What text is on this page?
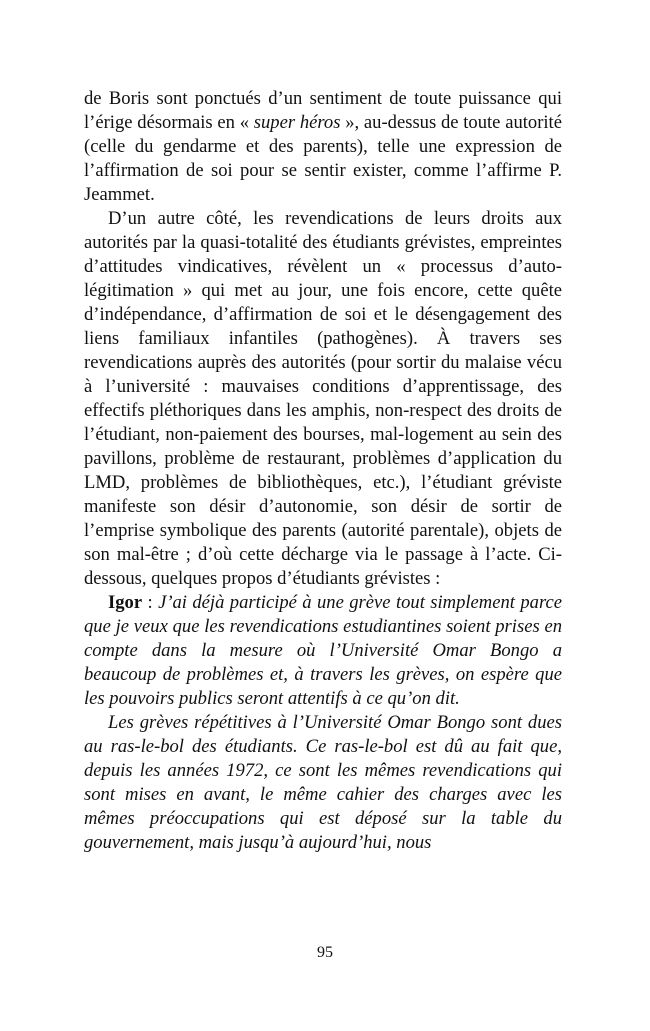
de Boris sont ponctués d’un sentiment de toute puissance qui l’érige désormais en « super héros », au-dessus de toute autorité (celle du gendarme et des parents), telle une expression de l’affirmation de soi pour se sentir exister, comme l’affirme P. Jeammet.

D’un autre côté, les revendications de leurs droits aux autorités par la quasi-totalité des étudiants grévistes, empreintes d’attitudes vindicatives, révèlent un « processus d’auto-légitimation » qui met au jour, une fois encore, cette quête d’indépendance, d’affirmation de soi et le désengagement des liens familiaux infantiles (pathogènes). À travers ses revendications auprès des autorités (pour sortir du malaise vécu à l’université : mauvaises conditions d’apprentissage, des effectifs pléthoriques dans les amphis, non-respect des droits de l’étudiant, non-paiement des bourses, mal-logement au sein des pavillons, problème de restaurant, problèmes d’application du LMD, problèmes de bibliothèques, etc.), l’étudiant gréviste manifeste son désir d’autonomie, son désir de sortir de l’emprise symbolique des parents (autorité parentale), objets de son mal-être ; d’où cette décharge via le passage à l’acte. Ci-dessous, quelques propos d’étudiants grévistes :

Igor : J’ai déjà participé à une grève tout simplement parce que je veux que les revendications estudiantines soient prises en compte dans la mesure où l’Université Omar Bongo a beaucoup de problèmes et, à travers les grèves, on espère que les pouvoirs publics seront attentifs à ce qu’on dit.

Les grèves répétitives à l’Université Omar Bongo sont dues au ras-le-bol des étudiants. Ce ras-le-bol est dû au fait que, depuis les années 1972, ce sont les mêmes revendications qui sont mises en avant, le même cahier des charges avec les mêmes préoccupations qui est déposé sur la table du gouvernement, mais jusqu’à aujourd’hui, nous

95
